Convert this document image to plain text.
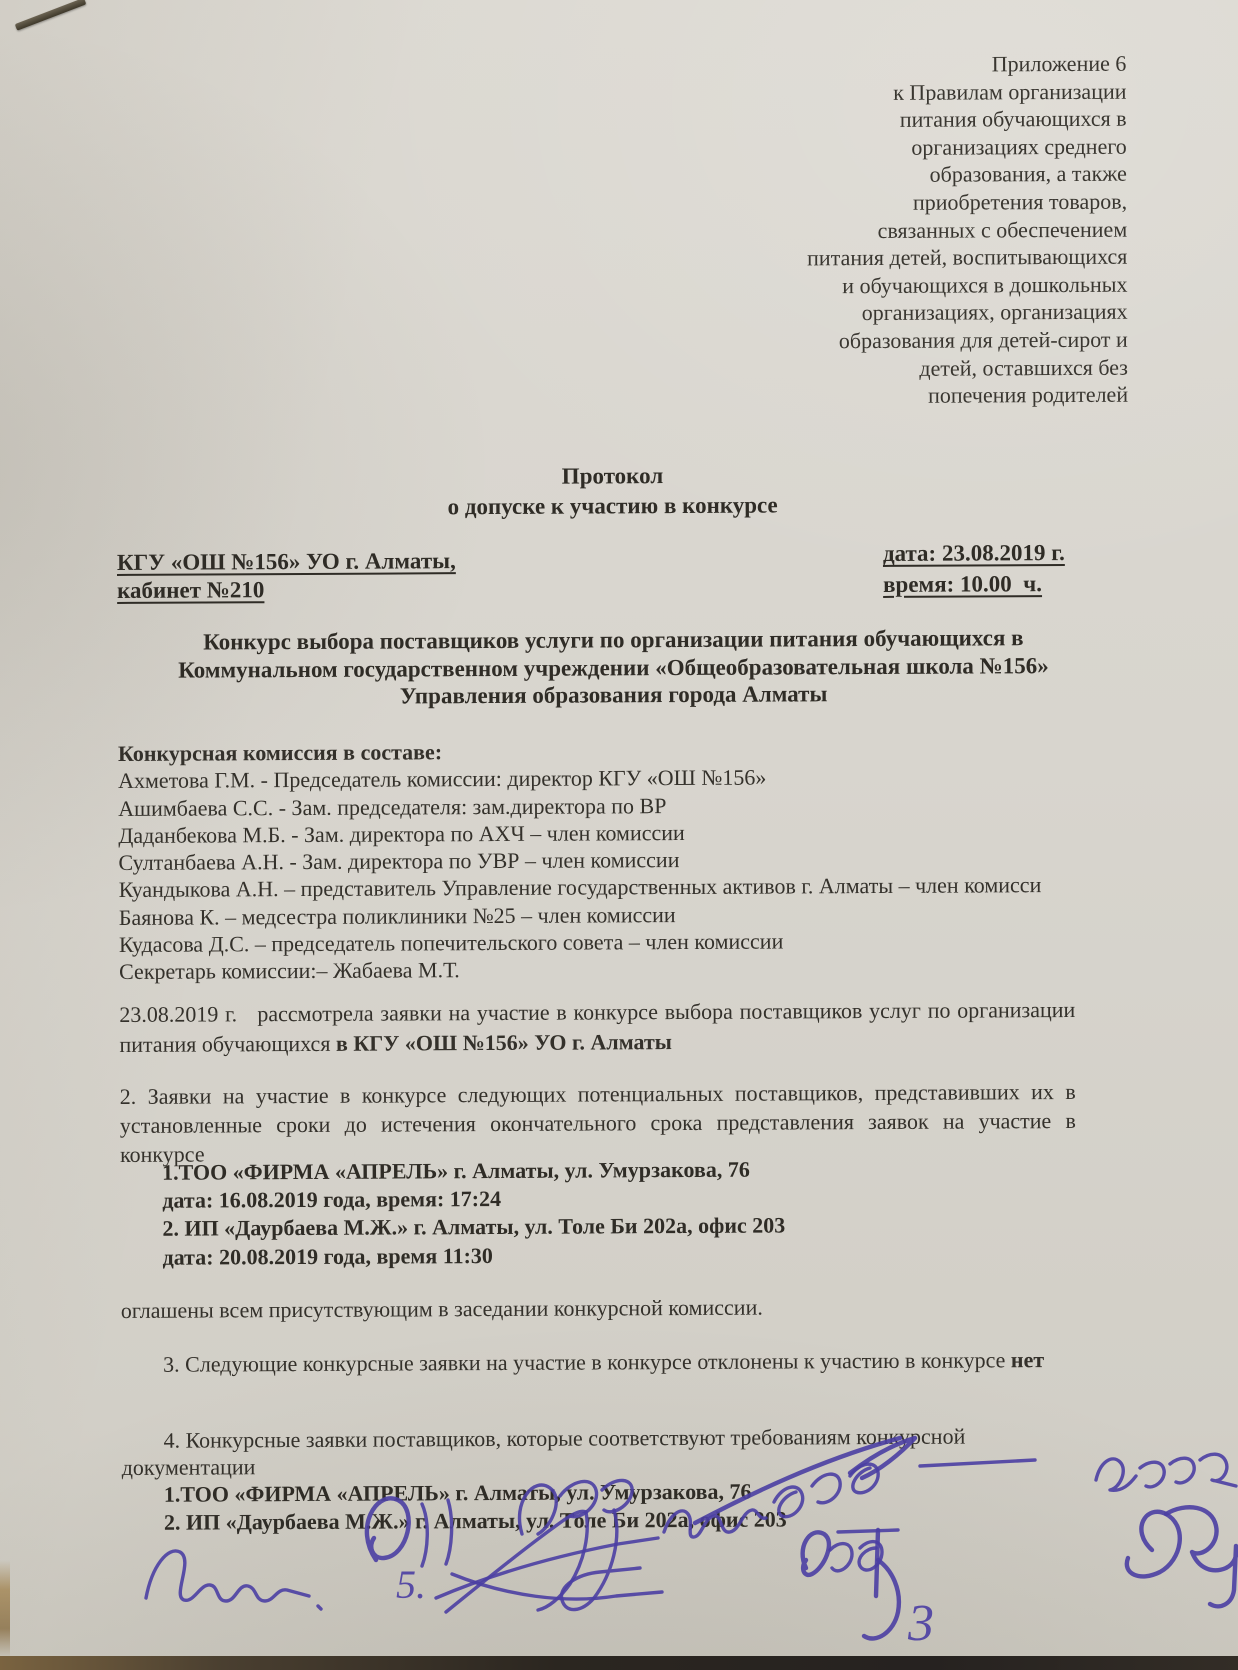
Приложение 6
к Правилам организации
питания обучающихся в
организациях среднего
образования, а также
приобретения товаров,
связанных с обеспечением
питания детей, воспитывающихся
и обучающихся в дошкольных
организациях, организациях
образования для детей-сирот и
детей, оставшихся без
попечения родителей
Протокол
о допуске к участию в конкурсе
КГУ «ОШ №156» УО г. Алматы,
кабинет №210
дата: 23.08.2019 г.
время: 10.00  ч.
Конкурс выбора поставщиков услуги по организации питания обучающихся в
Коммунальном государственном учреждении «Общеобразовательная школа №156»
Управления образования города Алматы
Конкурсная комиссия в составе:
Ахметова Г.М. - Председатель комиссии: директор КГУ «ОШ №156»
Ашимбаева С.С. - Зам. председателя: зам.директора по ВР
Даданбекова М.Б. - Зам. директора по АХЧ – член комиссии
Султанбаева А.Н. - Зам. директора по УВР – член комиссии
Куандыкова А.Н. – представитель Управление государственных активов г. Алматы – член комисси
Баянова К. – медсестра поликлиники №25 – член комиссии
Кудасова Д.С. – председатель попечительского совета – член комиссии
Секретарь комиссии:– Жабаева М.Т.
23.08.2019 г.   рассмотрела заявки на участие в конкурсе выбора поставщиков услуг по организации питания обучающихся в КГУ «ОШ №156» УО г. Алматы
2. Заявки на участие в конкурсе следующих потенциальных поставщиков, представивших их в установленные сроки до истечения окончательного срока представления заявок на участие в конкурсе
1.ТОО «ФИРМА «АПРЕЛЬ» г. Алматы, ул. Умурзакова, 76
дата: 16.08.2019 года, время: 17:24
2. ИП «Даурбаева М.Ж.» г. Алматы, ул. Толе Би 202а, офис 203
дата: 20.08.2019 года, время 11:30
оглашены всем присутствующим в заседании конкурсной комиссии.
3. Следующие конкурсные заявки на участие в конкурсе отклонены к участию в конкурсе нет
4. Конкурсные заявки поставщиков, которые соответствуют требованиям конкурсной документации
1.ТОО «ФИРМА «АПРЕЛЬ» г. Алматы, ул. Умурзакова, 76
2. ИП «Даурбаева М.Ж.» г. Алматы, ул. Толе Би 202а, офис 203
5.
3
